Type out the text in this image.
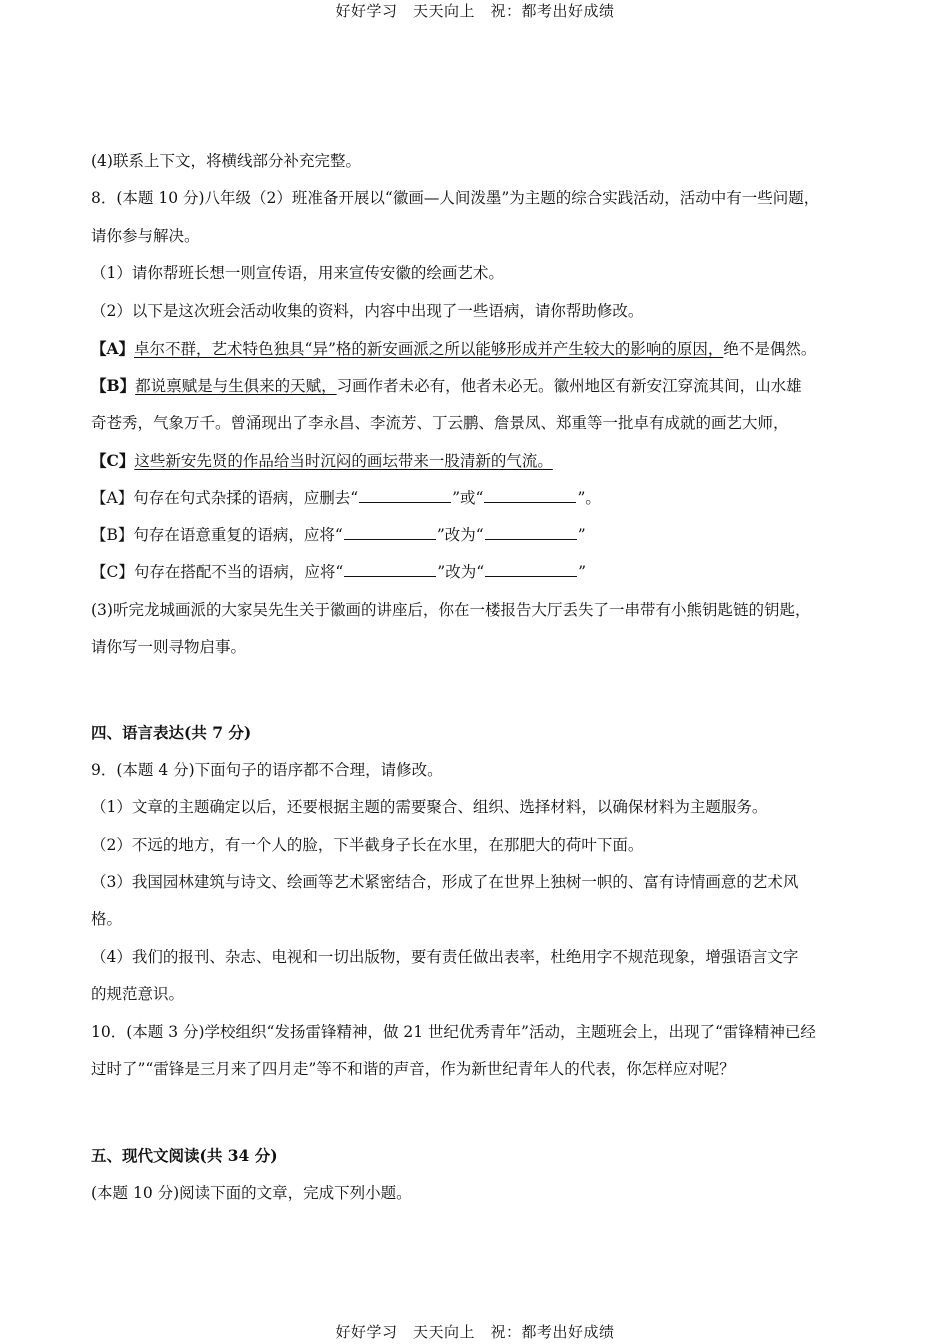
好好学习　天天向上　祝：都考出好成绩
(4)联系上下文，将横线部分补充完整。
8．(本题 10 分)八年级（2）班准备开展以“徽画—人间泼墨”为主题的综合实践活动，活动中有一些问题，
请你参与解决。
（1）请你帮班长想一则宣传语，用来宣传安徽的绘画艺术。
（2）以下是这次班会活动收集的资料，内容中出现了一些语病，请你帮助修改。
【A】卓尔不群，艺术特色独具“异”格的新安画派之所以能够形成并产生较大的影响的原因，绝不是偶然。
【B】都说禀赋是与生俱来的天赋，习画作者未必有，他者未必无。徽州地区有新安江穿流其间，山水雄
奇苍秀，气象万千。曾涌现出了李永昌、李流芳、丁云鹏、詹景凤、郑重等一批卓有成就的画艺大师，
【C】这些新安先贤的作品给当时沉闷的画坛带来一股清新的气流。
【A】句存在句式杂揉的语病，应删去“	”或“	”。
【B】句存在语意重复的语病，应将“	”改为“	”
【C】句存在搭配不当的语病，应将“	”改为“	”
(3)听完龙城画派的大家吴先生关于徽画的讲座后，你在一楼报告大厅丢失了一串带有小熊钥匙链的钥匙，
请你写一则寻物启事。
四、语言表达(共 7 分)
9．(本题 4 分)下面句子的语序都不合理，请修改。
（1）文章的主题确定以后，还要根据主题的需要聚合、组织、选择材料，以确保材料为主题服务。
（2）不远的地方，有一个人的脸，下半截身子长在水里，在那肥大的荷叶下面。
（3）我国园林建筑与诗文、绘画等艺术紧密结合，形成了在世界上独树一帜的、富有诗情画意的艺术风
格。
（4）我们的报刊、杂志、电视和一切出版物，要有责任做出表率，杜绝用字不规范现象，增强语言文字
的规范意识。
10．(本题 3 分)学校组织“发扬雷锋精神，做 21 世纪优秀青年”活动，主题班会上，出现了“雷锋精神已经
过时了”“雷锋是三月来了四月走”等不和谐的声音，作为新世纪青年人的代表，你怎样应对呢？
五、现代文阅读(共 34 分)
(本题 10 分)阅读下面的文章，完成下列小题。
好好学习　天天向上　祝：都考出好成绩
